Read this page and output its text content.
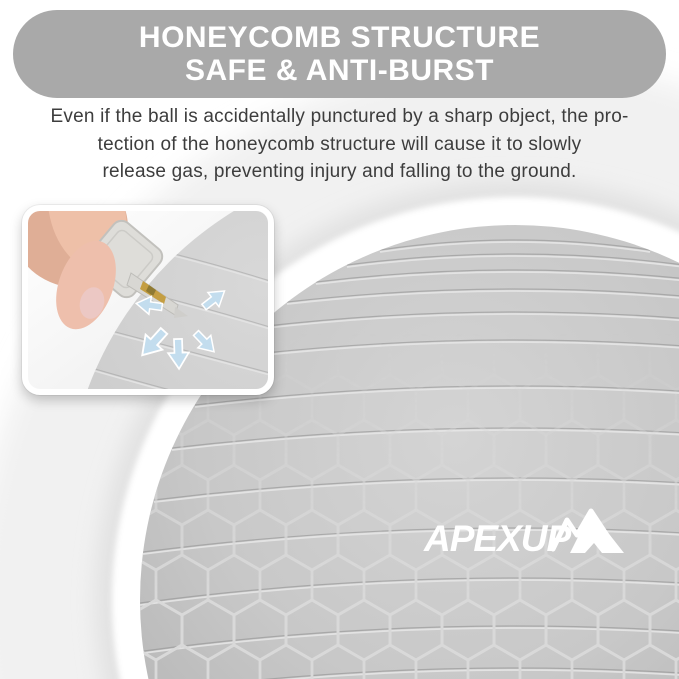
APEXUP
HONEYCOMB STRUCTURE
SAFE & ANTI-BURST
Even if the ball is accidentally punctured by a sharp object, the pro-
tection of the honeycomb structure will cause it to slowly
release gas, preventing injury and falling to the ground.
